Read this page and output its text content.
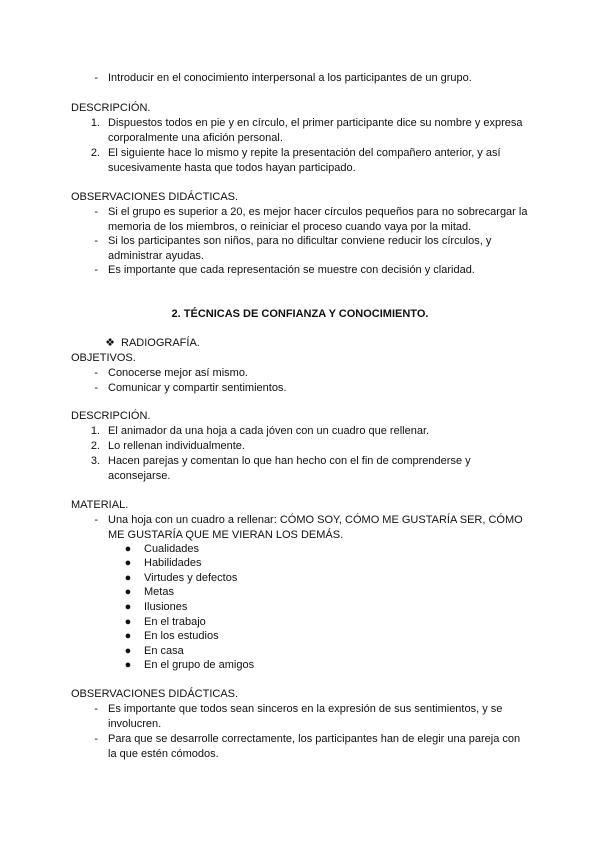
- Introducir en el conocimiento interpersonal a los participantes de un grupo.
DESCRIPCIÓN.
1. Dispuestos todos en pie y en círculo, el primer participante dice su nombre y expresa corporalmente una afición personal.
2. El siguiente hace lo mismo y repite la presentación del compañero anterior, y así sucesivamente hasta que todos hayan participado.
OBSERVACIONES DIDÁCTICAS.
- Si el grupo es superior a 20, es mejor hacer círculos pequeños para no sobrecargar la memoria de los miembros, o reiniciar el proceso cuando vaya por la mitad.
- Si los participantes son niños, para no dificultar conviene reducir los círculos, y administrar ayudas.
- Es importante que cada representación se muestre con decisión y claridad.
2. TÉCNICAS DE CONFIANZA Y CONOCIMIENTO.
❖ RADIOGRAFÍA.
OBJETIVOS.
- Conocerse mejor así mismo.
- Comunicar y compartir sentimientos.
DESCRIPCIÓN.
1. El animador da una hoja a cada jóven con un cuadro que rellenar.
2. Lo rellenan individualmente.
3. Hacen parejas y comentan lo que han hecho con el fin de comprenderse y aconsejarse.
MATERIAL.
- Una hoja con un cuadro a rellenar: CÓMO SOY, CÓMO ME GUSTARÍA SER, CÓMO ME GUSTARÍA QUE ME VIERAN LOS DEMÁS.
●	Cualidades
●	Habilidades
●	Virtudes y defectos
●	Metas
●	Ilusiones
●	En el trabajo
●	En los estudios
●	En casa
●	En el grupo de amigos
OBSERVACIONES DIDÁCTICAS.
- Es importante que todos sean sinceros en la expresión de sus sentimientos, y se involucren.
- Para que se desarrolle correctamente, los participantes han de elegir una pareja con la que estén cómodos.
